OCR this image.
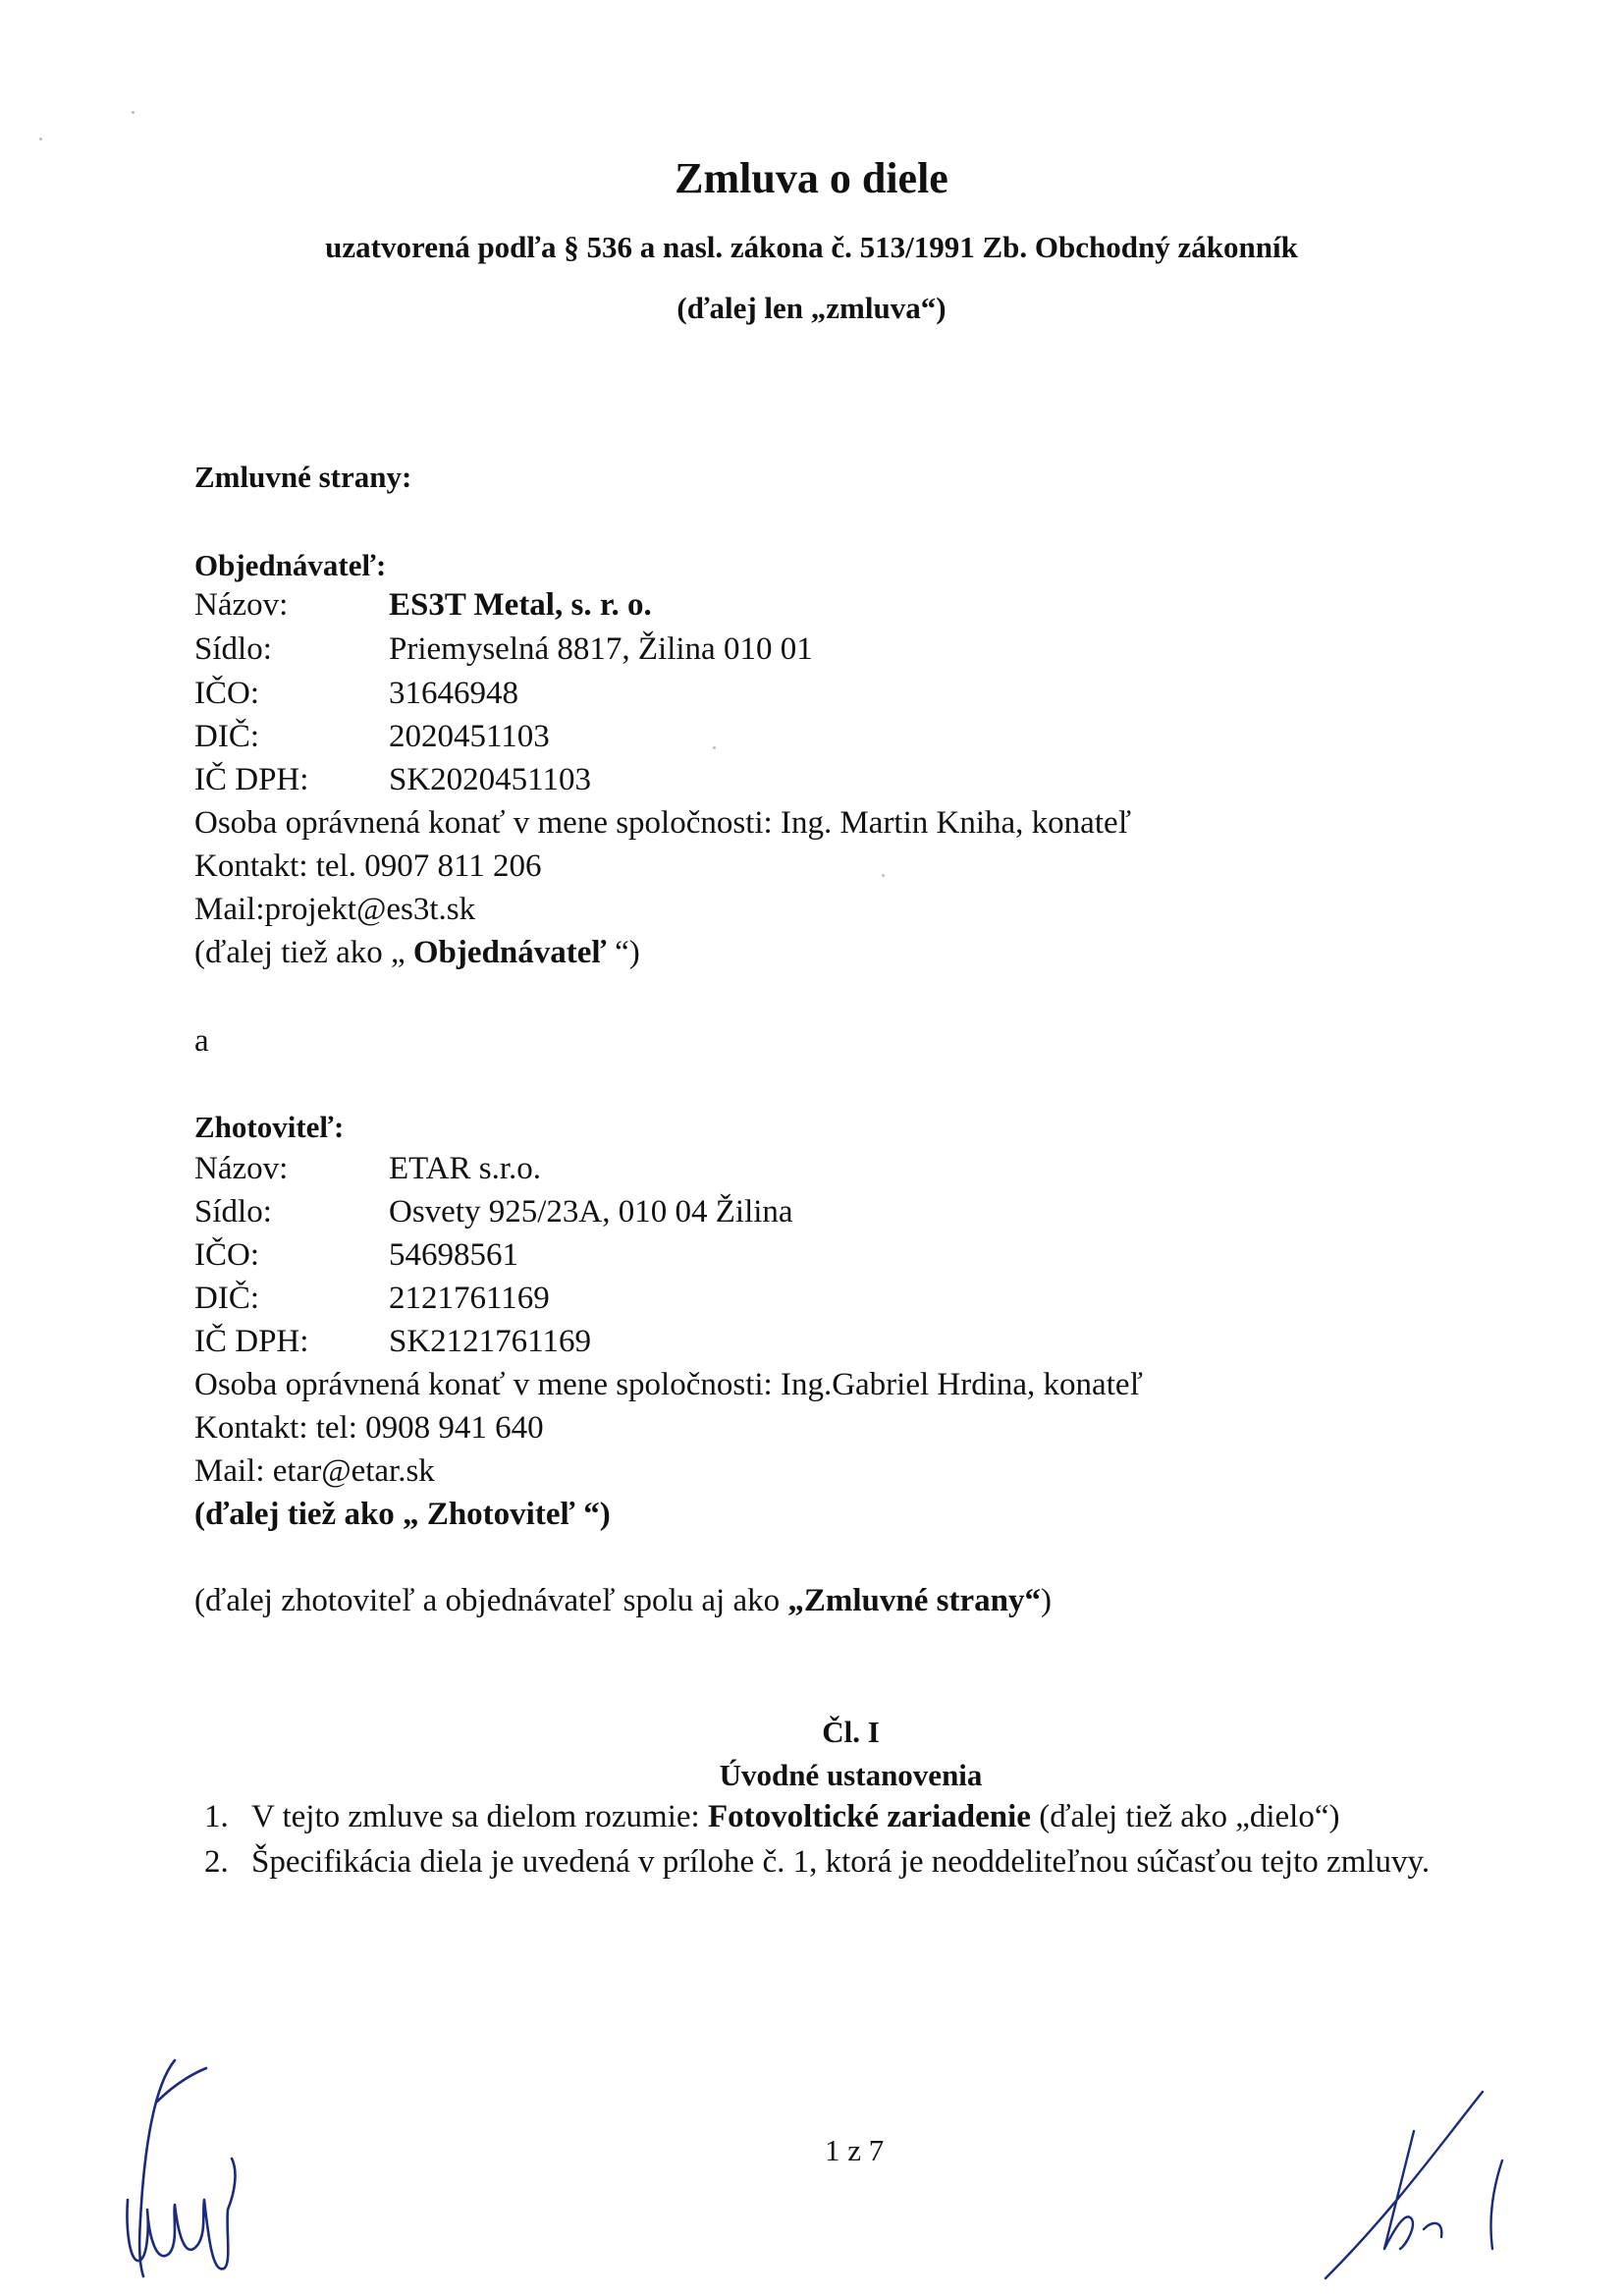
Zmluva o diele
uzatvorená podľa § 536 a nasl. zákona č. 513/1991 Zb. Obchodný zákonník
(ďalej len „zmluva“)
Zmluvné strany:
Objednávateľ:
Názov:	ES3T Metal, s. r. o.
Sídlo:	Priemyselná 8817, Žilina 010 01
IČO:	31646948
DIČ:	2020451103
IČ DPH: SK2020451103
Osoba oprávnená konať v mene spoločnosti: Ing. Martin Kniha, konateľ
Kontakt: tel. 0907 811 206
Mail:projekt@es3t.sk
(ďalej tiež ako „ Objednávateľ “)
a
Zhotoviteľ:
Názov:	ETAR s.r.o.
Sídlo:	Osvety 925/23A, 010 04 Žilina
IČO:	54698561
DIČ:	2121761169
IČ DPH: SK2121761169
Osoba oprávnená konať v mene spoločnosti: Ing.Gabriel Hrdina, konateľ
Kontakt: tel: 0908 941 640
Mail: etar@etar.sk
(ďalej tiež ako „ Zhotoviteľ “)
(ďalej zhotoviteľ a objednávateľ spolu aj ako „Zmluvné strany“)
Čl. I
Úvodné ustanovenia
1. V tejto zmluve sa dielom rozumie: Fotovoltické zariadenie (ďalej tiež ako „dielo“)
2. Špecifikácia diela je uvedená v prílohe č. 1, ktorá je neoddeliteľnou súčasťou tejto zmluvy.
1 z 7
